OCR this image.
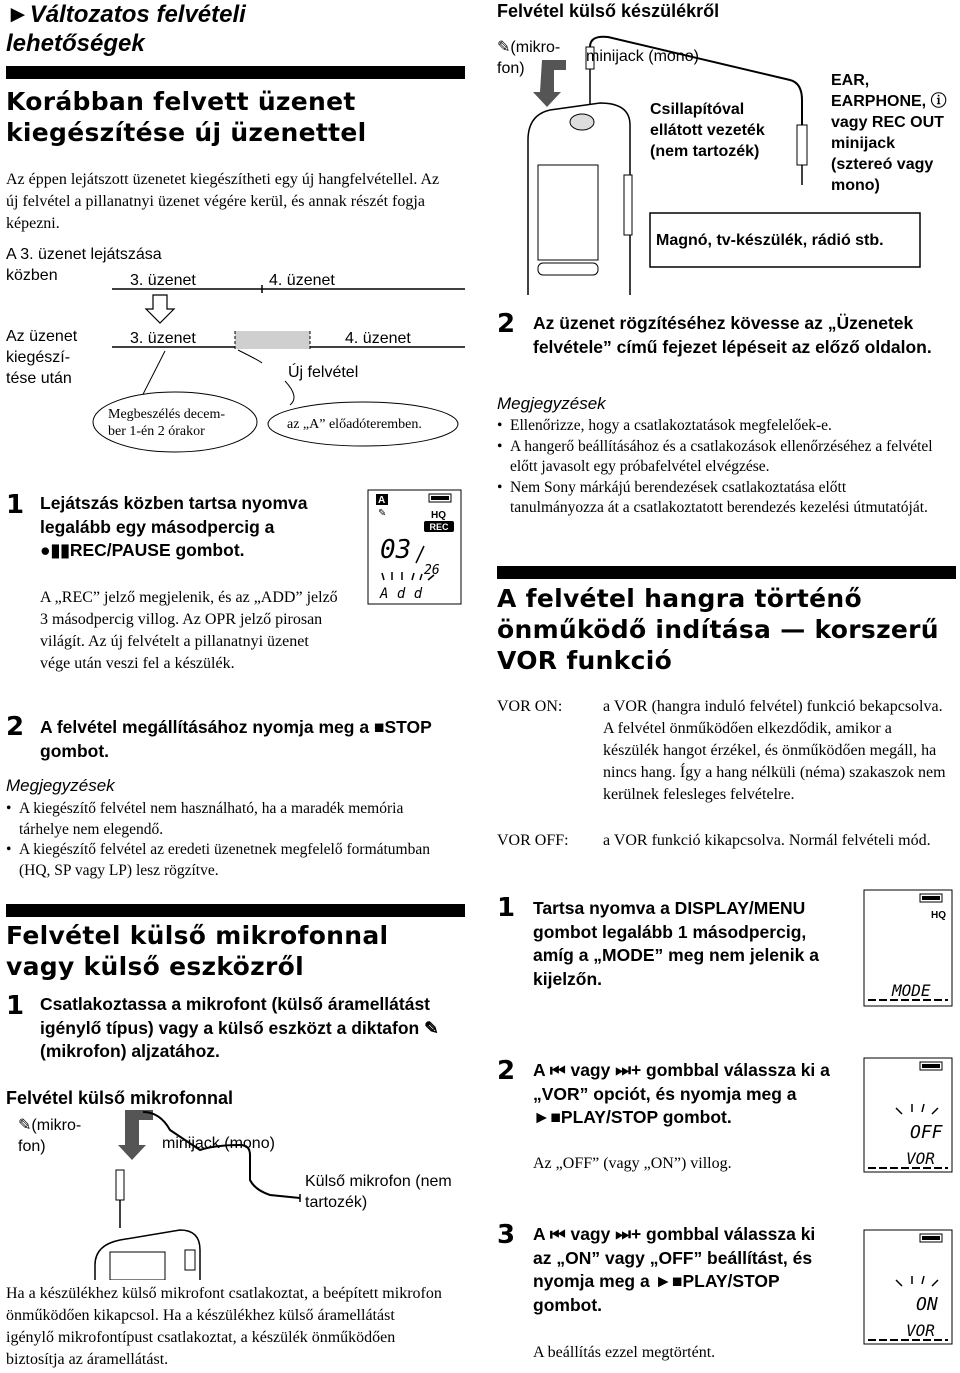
►Változatos felvételi lehetőségek
Korábban felvett üzenet kiegészítése új üzenettel
Az éppen lejátszott üzenetet kiegészítheti egy új hangfelvétellel. Az új felvétel a pillanatnyi üzenet végére kerül, és annak részét fogja képezni.
A 3. üzenet lejátszása közben	3. üzenet	4. üzenet
Az üzenet kiegészí-tése után
3. üzenet	4. üzenet
Új felvétel
Megbeszélés decem-ber 1-én 2 órakor	az „A” előadóteremben.
1 Lejátszás közben tartsa nyomva legalább egy másodpercig a ●▮▮REC/PAUSE gombot.
A „REC” jelző megjelenik, és az „ADD” jelző 3 másodpercig villog. Az OPR jelző pirosan világít. Az új felvételt a pillanatnyi üzenet vége után veszi fel a készülék.
A
HQ
REC
✎
03
26
A d d
2 A felvétel megállításához nyomja meg a ■STOP gombot.
Megjegyzések
• A kiegészítő felvétel nem használható, ha a maradék memória tárhelye nem elegendő.
• A kiegészítő felvétel az eredeti üzenetnek megfelelő formátumban (HQ, SP vagy LP) lesz rögzítve.
Felvétel külső mikrofonnal vagy külső eszközről
1 Csatlakoztassa a mikrofont (külső áramellátást igénylő típus) vagy a külső eszközt a diktafon ✎ (mikrofon) aljzatához.
Felvétel külső mikrofonnal
✎(mikro-fon)	minijack (mono)
Külső mikrofon (nem tartozék)
Ha a készülékhez külső mikrofont csatlakoztat, a beépített mikrofon önműködően kikapcsol. Ha a készülékhez külső áramellátást igénylő mikrofontípust csatlakoztat, a készülék önműködően biztosítja az áramellátást.
Felvétel külső készülékről
✎(mikro-fon)
minijack (mono)
Csillapítóval ellátott vezeték (nem tartozék)
EAR, EARPHONE, ⓘ vagy REC OUT minijack (sztereó vagy mono)
Magnó, tv-készülék, rádió stb.
2 Az üzenet rögzítéséhez kövesse az „Üzenetek felvétele” című fejezet lépéseit az előző oldalon.
Megjegyzések
• Ellenőrizze, hogy a csatlakoztatások megfelelőek-e.
• A hangerő beállításához és a csatlakozások ellenőrzéséhez a felvétel előtt javasolt egy próbafelvétel elvégzése.
• Nem Sony márkájú berendezések csatlakoztatása előtt tanulmányozza át a csatlakoztatott berendezés kezelési útmutatóját.
A felvétel hangra történő önműködő indítása — korszerű VOR funkció
VOR ON:	a VOR (hangra induló felvétel) funkció bekapcsolva. A felvétel önműködően elkezdődik, amikor a készülék hangot érzékel, és önműködően megáll, ha nincs hang. Így a hang nélküli (néma) szakaszok nem kerülnek felesleges felvételre.
VOR OFF: a VOR funkció kikapcsolva. Normál felvételi mód.
1 Tartsa nyomva a DISPLAY/MENU gombot legalább 1 másodpercig, amíg a „MODE” meg nem jelenik a kijelzőn.
2 A ⏮ vagy ⏭+ gombbal válassza ki a „VOR” opciót, és nyomja meg a ►■PLAY/STOP gombot.
Az „OFF” (vagy „ON”) villog.
3 A ⏮ vagy ⏭+ gombbal válassza ki az „ON” vagy „OFF” beállítást, és nyomja meg a ►■PLAY/STOP gombot.
A beállítás ezzel megtörtént.
HQ
MODE
OFF
VOR
ON
VOR
